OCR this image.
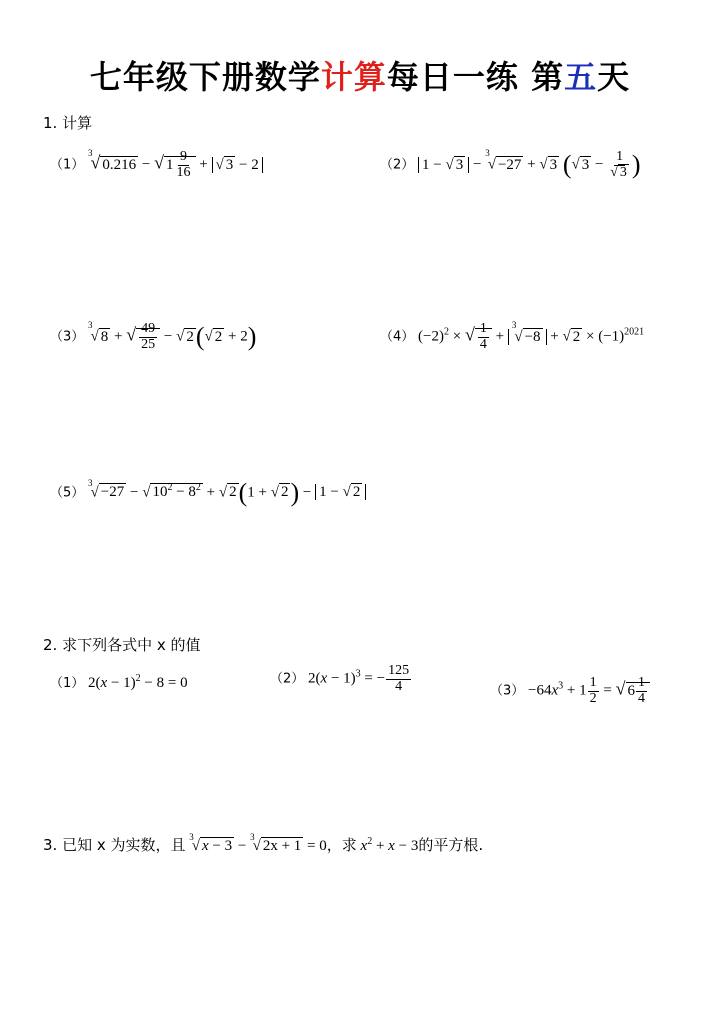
七年级下册数学计算每日一练 第五天
1. 计算
（1） $^3$√ 0.216 − √ $1 \frac{9}{16}$ + √ 3 − 2	（2） 1 − √ 3 − $^3$√ −27 + √ 3 (√ $3 - \frac{1}{√ 3}$ )
（3） $^3$√ 8 + √ $\frac{49}{25}$ − √ 2(√ 2 + 2)	（4） $(-2)^2$ × √ $\frac{1}{4} + ^3√ -8$ + √ $2 \times (-1)^{2021}$
（5） $^3$√ −27 − √ $10^2 - 8^2$ + √ 2(1 + √ 2) − 1 − √ 2
2. 求下列各式中 x 的值
（1） $2(x - 1)^2 - 8 = 0$	（2） $2(x - 1)^3$ = − $\frac{125}{4}$	$(3) -64x^3 + 1 \frac{1}{2}$ = √ $6 \frac{1}{4}$
3. 已知 x 为实数，且 $^3$√ x − 3 − $^3$√ 2x + 1 = 0，求 $x^2 + x - 3$的平方根.
